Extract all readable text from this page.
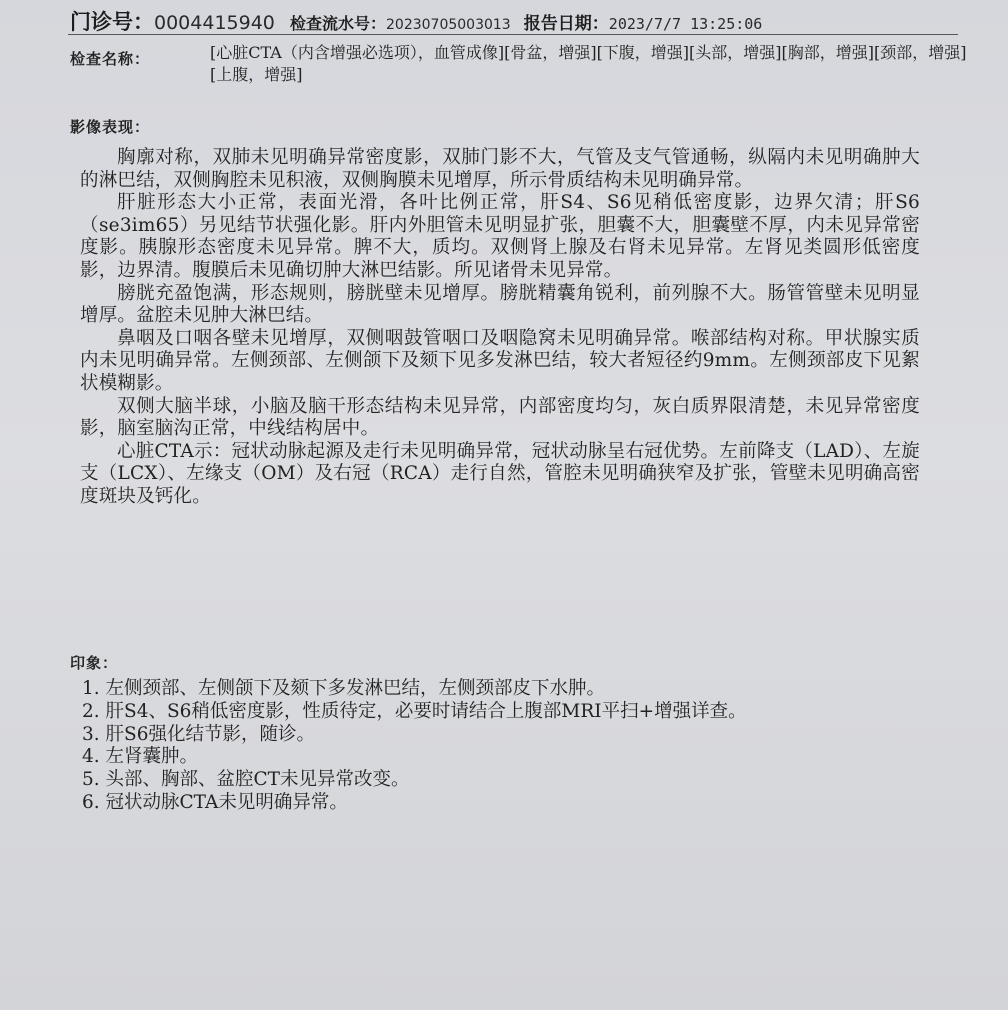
门诊号：0004415940 检查流水号：20230705003013 报告日期：2023/7/7 13:25:06
检查名称：	[心脏CTA（内含增强必选项），血管成像][骨盆，增强][下腹，增强][头部，增强][胸部，增强][颈部，增强][上腹，增强]
影像表现：

胸廓对称，双肺未见明确异常密度影，双肺门影不大，气管及支气管通畅，纵隔内未见明确肿大的淋巴结，双侧胸腔未见积液，双侧胸膜未见增厚，所示骨质结构未见明确异常。

肝脏形态大小正常，表面光滑，各叶比例正常，肝S4、S6见稍低密度影，边界欠清；肝S6（se3im65）另见结节状强化影。肝内外胆管未见明显扩张，胆囊不大，胆囊壁不厚，内未见异常密度影。胰腺形态密度未见异常。脾不大，质均。双侧肾上腺及右肾未见异常。左肾见类圆形低密度影，边界清。腹膜后未见确切肿大淋巴结影。所见诸骨未见异常。

膀胱充盈饱满，形态规则，膀胱壁未见增厚。膀胱精囊角锐利，前列腺不大。肠管管壁未见明显增厚。盆腔未见肿大淋巴结。

鼻咽及口咽各壁未见增厚，双侧咽鼓管咽口及咽隐窝未见明确异常。喉部结构对称。甲状腺实质内未见明确异常。左侧颈部、左侧颌下及颏下见多发淋巴结，较大者短径约9mm。左侧颈部皮下见絮状模糊影。

双侧大脑半球，小脑及脑干形态结构未见异常，内部密度均匀，灰白质界限清楚，未见异常密度影，脑室脑沟正常，中线结构居中。

心脏CTA示：冠状动脉起源及走行未见明确异常，冠状动脉呈右冠优势。左前降支（LAD）、左旋支（LCX）、左缘支（OM）及右冠（RCA）走行自然，管腔未见明确狭窄及扩张，管壁未见明确高密度斑块及钙化。

印象：
1. 左侧颈部、左侧颌下及颏下多发淋巴结，左侧颈部皮下水肿。
2. 肝S4、S6稍低密度影，性质待定，必要时请结合上腹部MRI平扫+增强详查。
3. 肝S6强化结节影，随诊。
4. 左肾囊肿。
5. 头部、胸部、盆腔CT未见异常改变。
6. 冠状动脉CTA未见明确异常。
